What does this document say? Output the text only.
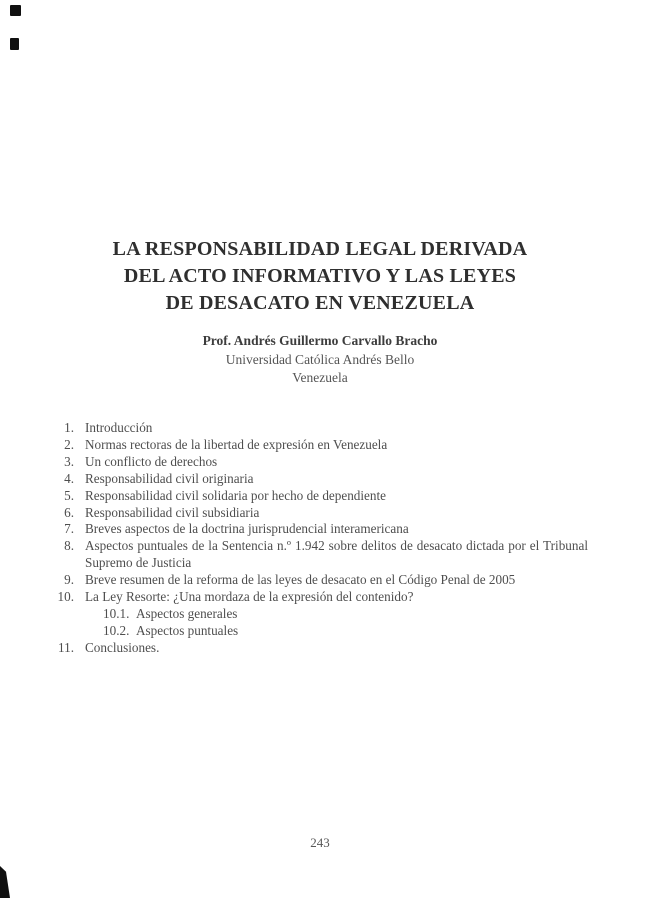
LA RESPONSABILIDAD LEGAL DERIVADA
DEL ACTO INFORMATIVO Y LAS LEYES
DE DESACATO EN VENEZUELA
Prof. Andrés Guillermo Carvallo Bracho
Universidad Católica Andrés Bello
Venezuela
1. Introducción
2. Normas rectoras de la libertad de expresión en Venezuela
3. Un conflicto de derechos
4. Responsabilidad civil originaria
5. Responsabilidad civil solidaria por hecho de dependiente
6. Responsabilidad civil subsidiaria
7. Breves aspectos de la doctrina jurisprudencial interamericana
8. Aspectos puntuales de la Sentencia n.º 1.942 sobre delitos de desacato dictada por el Tribunal
Supremo de Justicia
9. Breve resumen de la reforma de las leyes de desacato en el Código Penal de 2005
10. La Ley Resorte: ¿Una mordaza de la expresión del contenido?
10.1. Aspectos generales
10.2. Aspectos puntuales
11. Conclusiones.
243
